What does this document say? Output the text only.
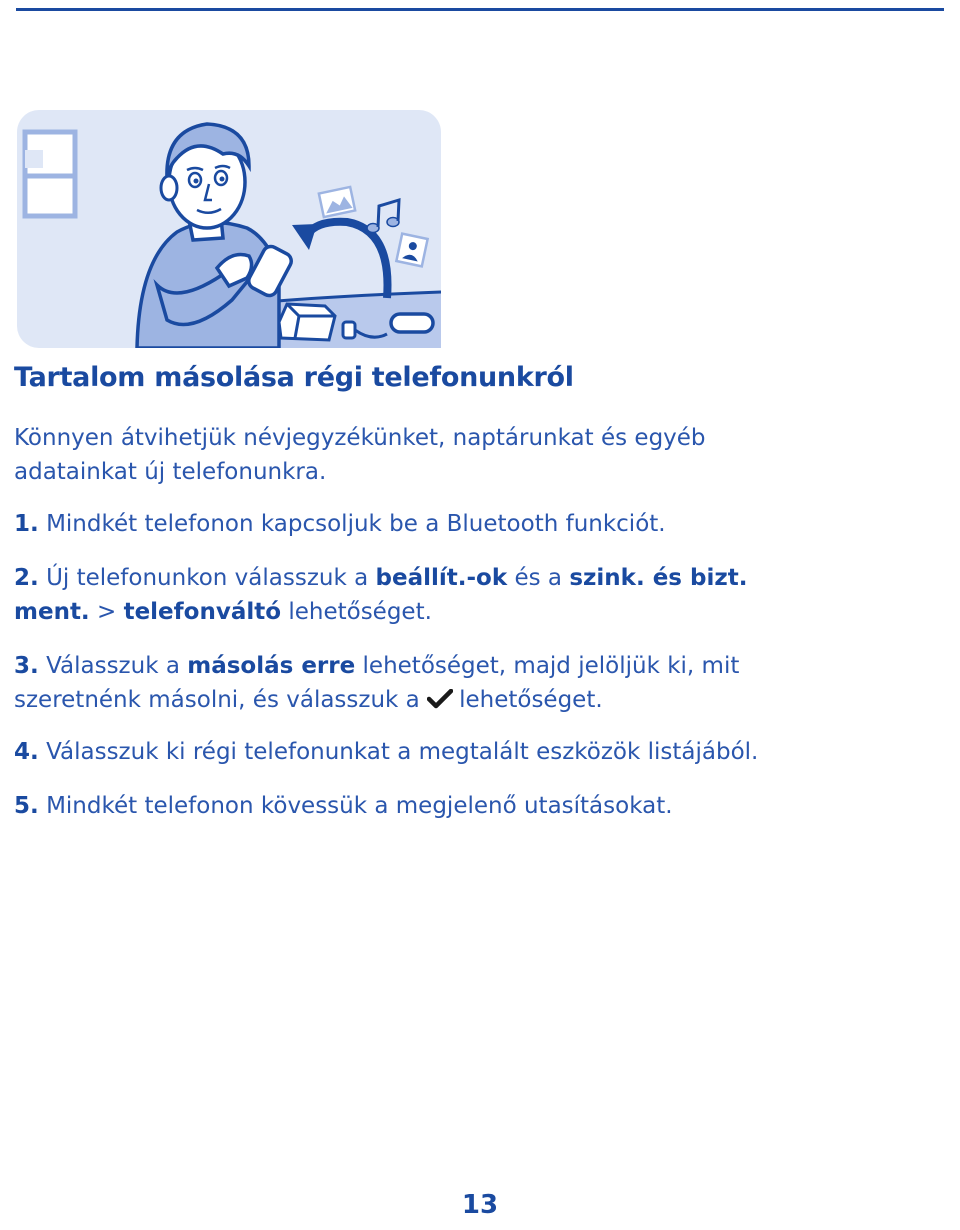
Tartalom másolása régi telefonunkról

Könnyen átvihetjük névjegyzékünket, naptárunkat és egyéb
adatainkat új telefonunkra.

1. Mindkét telefonon kapcsoljuk be a Bluetooth funkciót.

2. Új telefonunkon válasszuk a beállít.-ok és a szink. és bizt.
ment. > telefonváltó lehetőséget.

3. Válasszuk a másolás erre lehetőséget, majd jelöljük ki, mit
szeretnénk másolni, és válasszuk a lehetőséget.

4. Válasszuk ki régi telefonunkat a megtalált eszközök listájából.

5. Mindkét telefonon kövessük a megjelenő utasításokat.

13
